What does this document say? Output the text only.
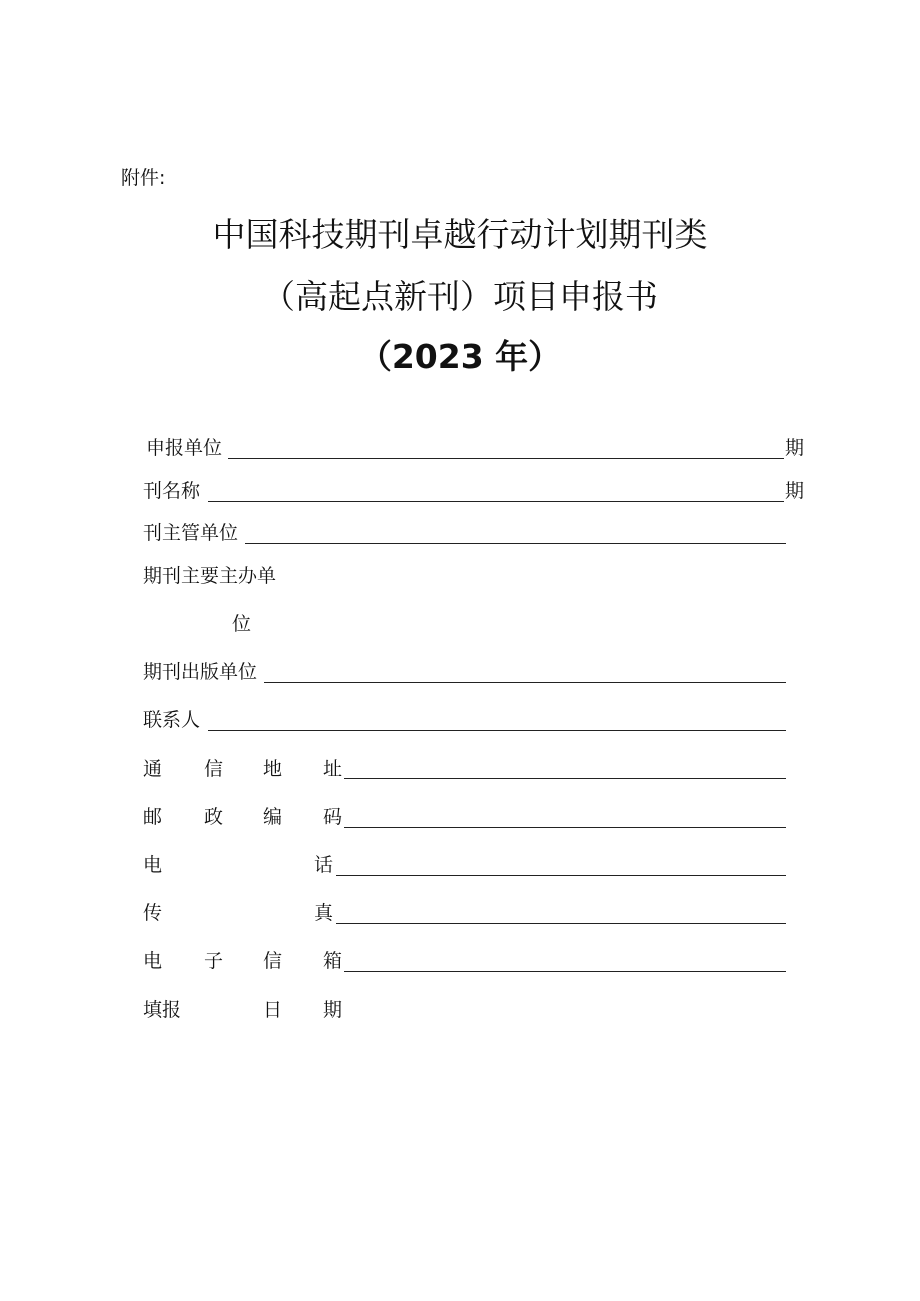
附件:
中国科技期刊卓越行动计划期刊类
（高起点新刊）项目申报书
（2023 年）
申报单位	期
刊名称	期
刊主管单位
期刊主要主办单
位
期刊出版单位
联系人
通 信 地 址
邮 政 编 码
电	话
传	真
电 子 信 箱
填报	日 期
